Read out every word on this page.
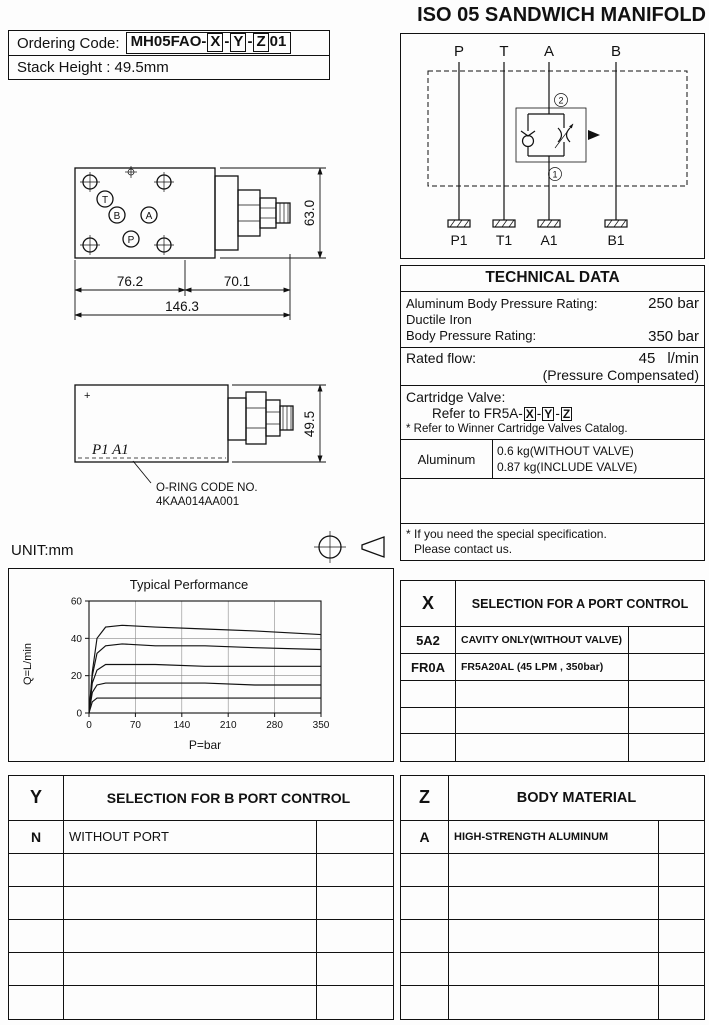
ISO 05 SANDWICH MANIFOLD
Ordering Code: MH05FAO- X - Y - Z 01
Stack Height : 49.5mm
T
B	A
P
76.2	70.1
146.3
63.0
+
P1 A1
49.5
O-RING CODE NO.
4KAA014AA001
UNIT:mm
P T A	B
2
1
P1 T1 A1	B1
TECHNICAL DATA
Aluminum Body Pressure Rating:	250 bar
Ductile Iron
Body Pressure Rating:	350 bar
Rated flow:	45 l/min
(Pressure Compensated)
Cartridge Valve:
Refer to FR5A- X - Y - Z
* Refer to Winner Cartridge Valves Catalog.
Aluminum
0.6 kg(WITHOUT VALVE)
0.87 kg(INCLUDE VALVE)
* If you need the special specification.
Please contact us.
Typical Performance
Q=L/min
P=bar
0	70	140	210	280	350
0
20
40
60	X	SELECTION FOR A PORT CONTROL
5A2	CAVITY ONLY(WITHOUT VALVE)
FR0A	FR5A20AL (45 LPM , 350bar)
Y	SELECTION FOR B PORT CONTROL
N	WITHOUT PORT
Z	BODY MATERIAL
A	HIGH-STRENGTH ALUMINUM
